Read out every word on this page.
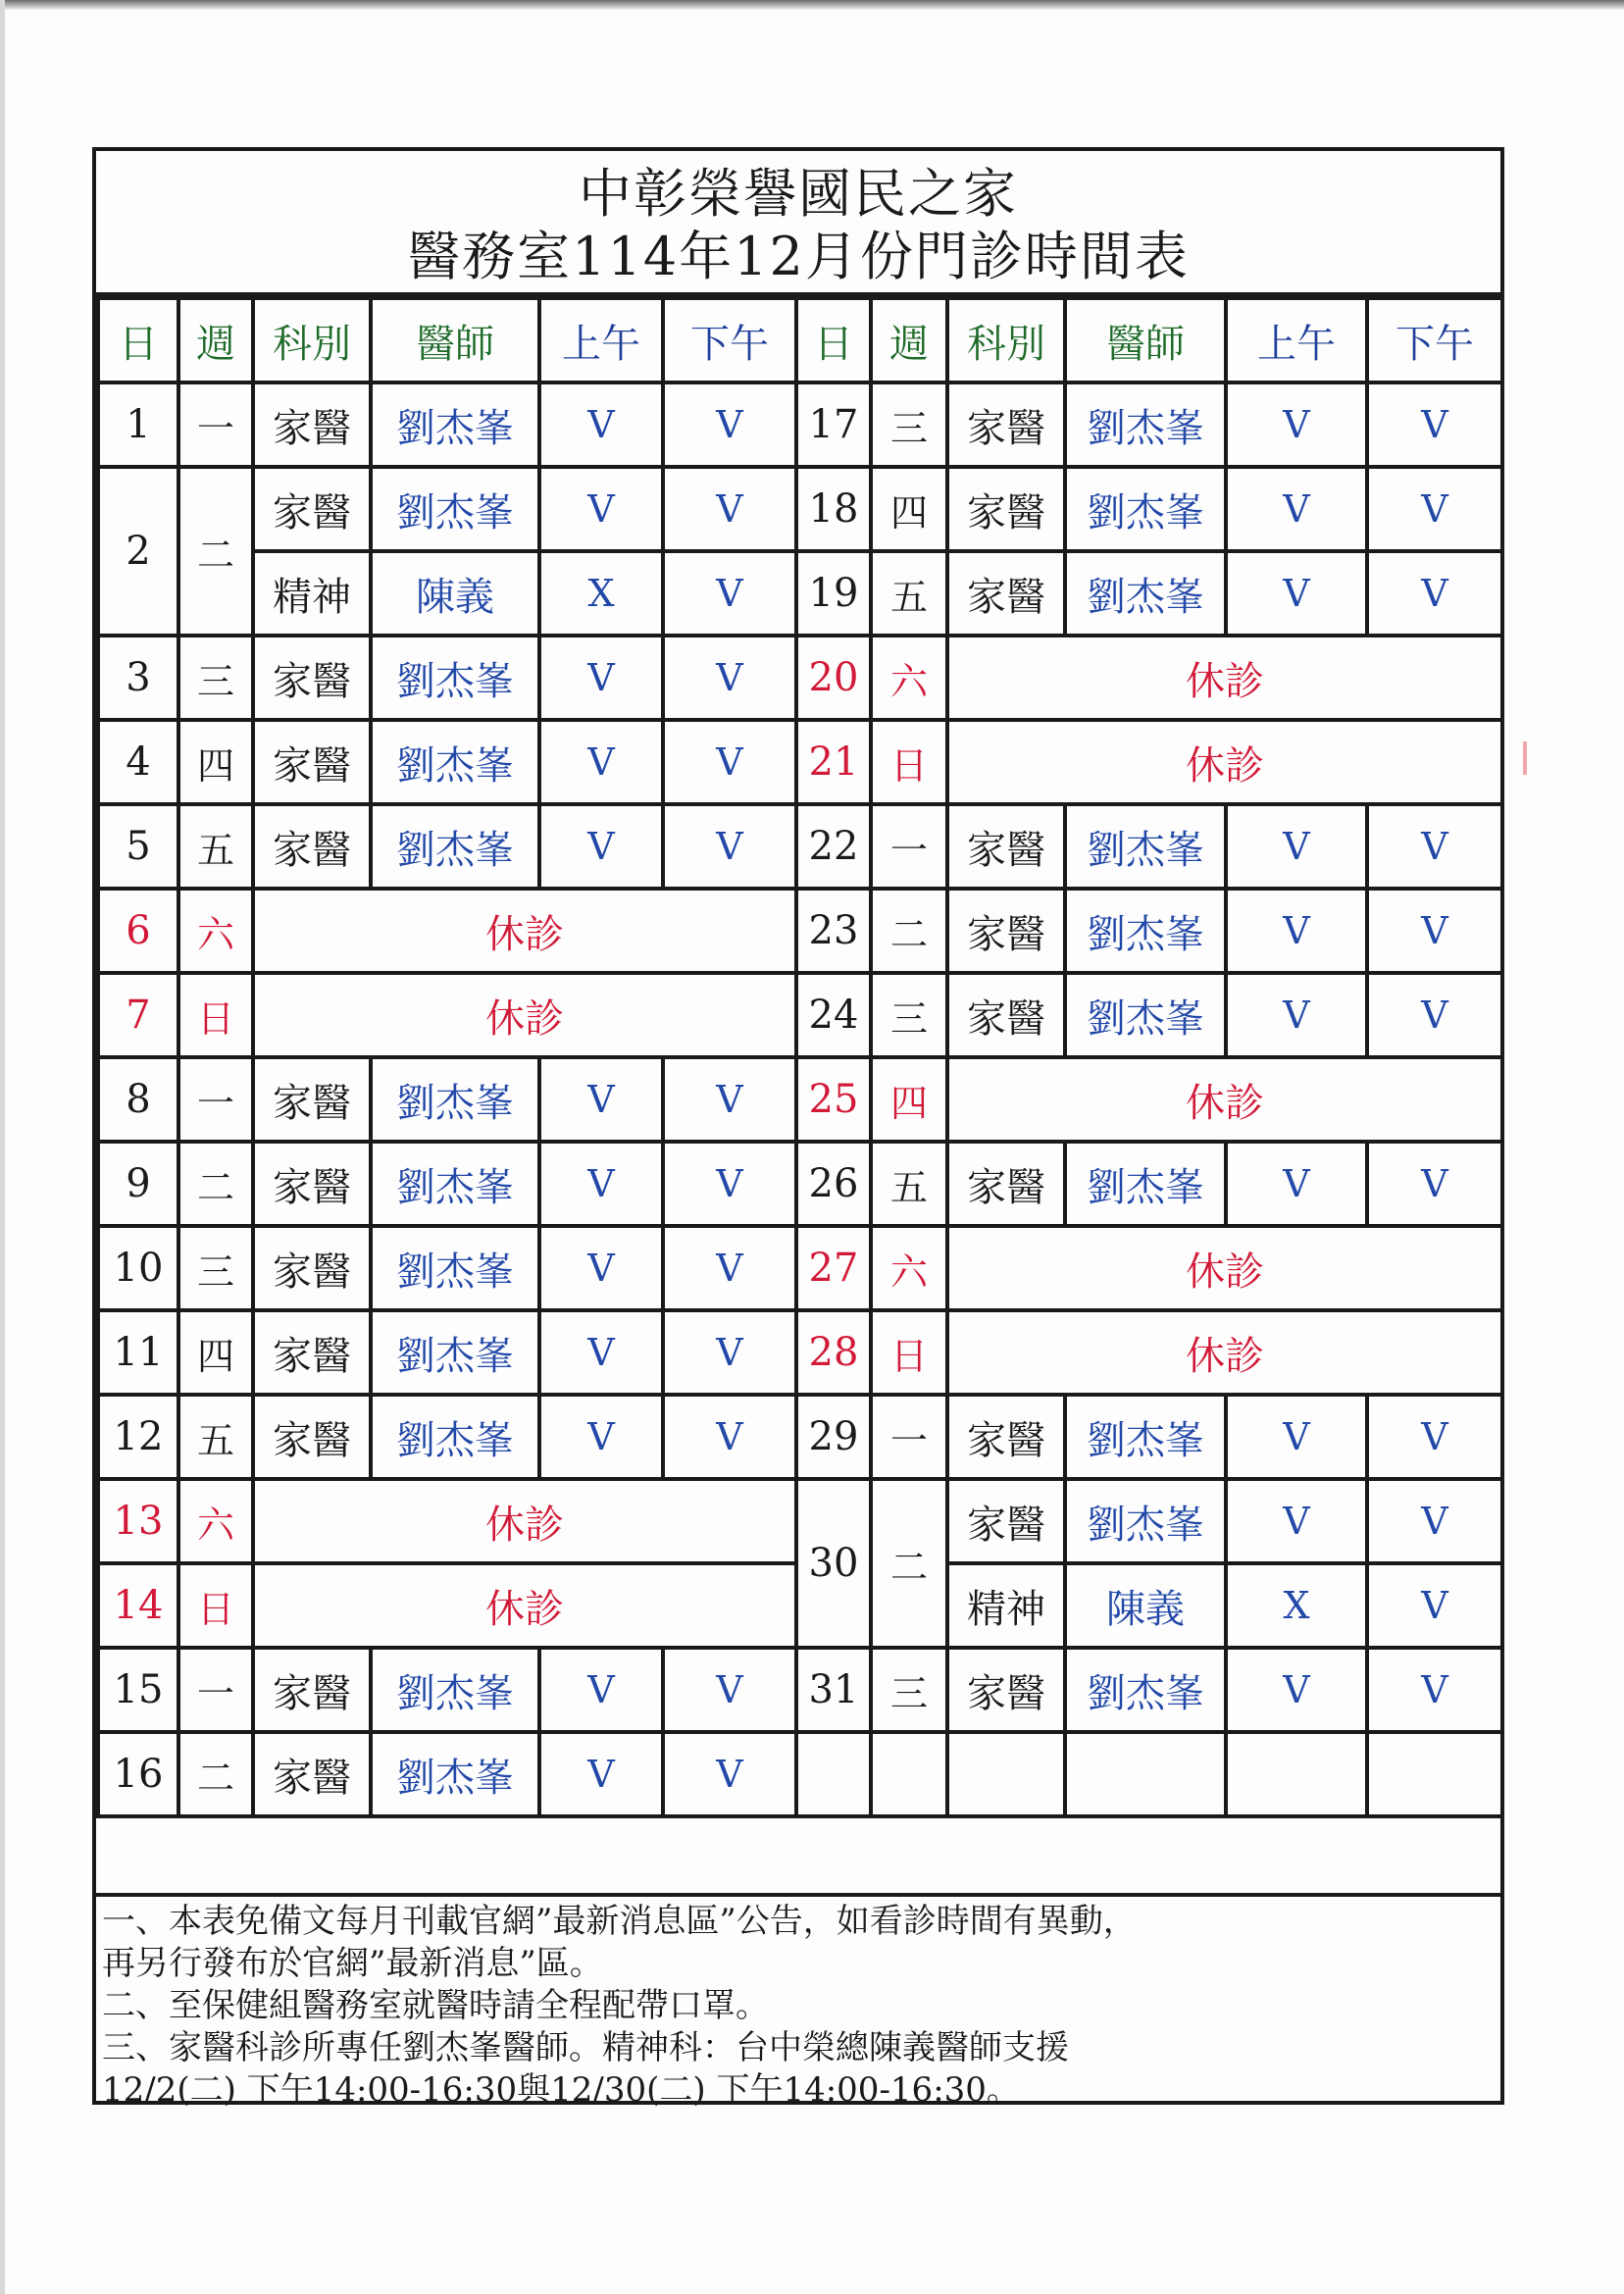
中彰榮譽國民之家
醫務室114年12月份門診時間表
日	週	科別	醫師	上午	下午	日	週	科別	醫師	上午	下午
1	一	家醫	劉杰峯	V	V	17	三	家醫	劉杰峯	V	V
2	二	家醫	劉杰峯	V	V	18	四	家醫	劉杰峯	V	V
		精神	陳義	X	V	19	五	家醫	劉杰峯	V	V
3	三	家醫	劉杰峯	V	V	20	六	休診			
4	四	家醫	劉杰峯	V	V	21	日	休診			
5	五	家醫	劉杰峯	V	V	22	一	家醫	劉杰峯	V	V
6	六	休診				23	二	家醫	劉杰峯	V	V
7	日	休診				24	三	家醫	劉杰峯	V	V
8	一	家醫	劉杰峯	V	V	25	四	休診			
9	二	家醫	劉杰峯	V	V	26	五	家醫	劉杰峯	V	V
10	三	家醫	劉杰峯	V	V	27	六	休診			
11	四	家醫	劉杰峯	V	V	28	日	休診			
12	五	家醫	劉杰峯	V	V	29	一	家醫	劉杰峯	V	V
13	六	休診				30	二	家醫	劉杰峯	V	V
14	日	休診						精神	陳義	X	V
15	一	家醫	劉杰峯	V	V	31	三	家醫	劉杰峯	V	V
16	二	家醫	劉杰峯	V	V						
一、本表免備文每月刊載官網”最新消息區”公告，如看診時間有異動，
再另行發布於官網”最新消息”區。
二、至保健組醫務室就醫時請全程配帶口罩。
三、家醫科診所專任劉杰峯醫師。精神科：台中榮總陳義醫師支援
12/2(二) 下午14:00-16:30與12/30(二) 下午14:00-16:30。
